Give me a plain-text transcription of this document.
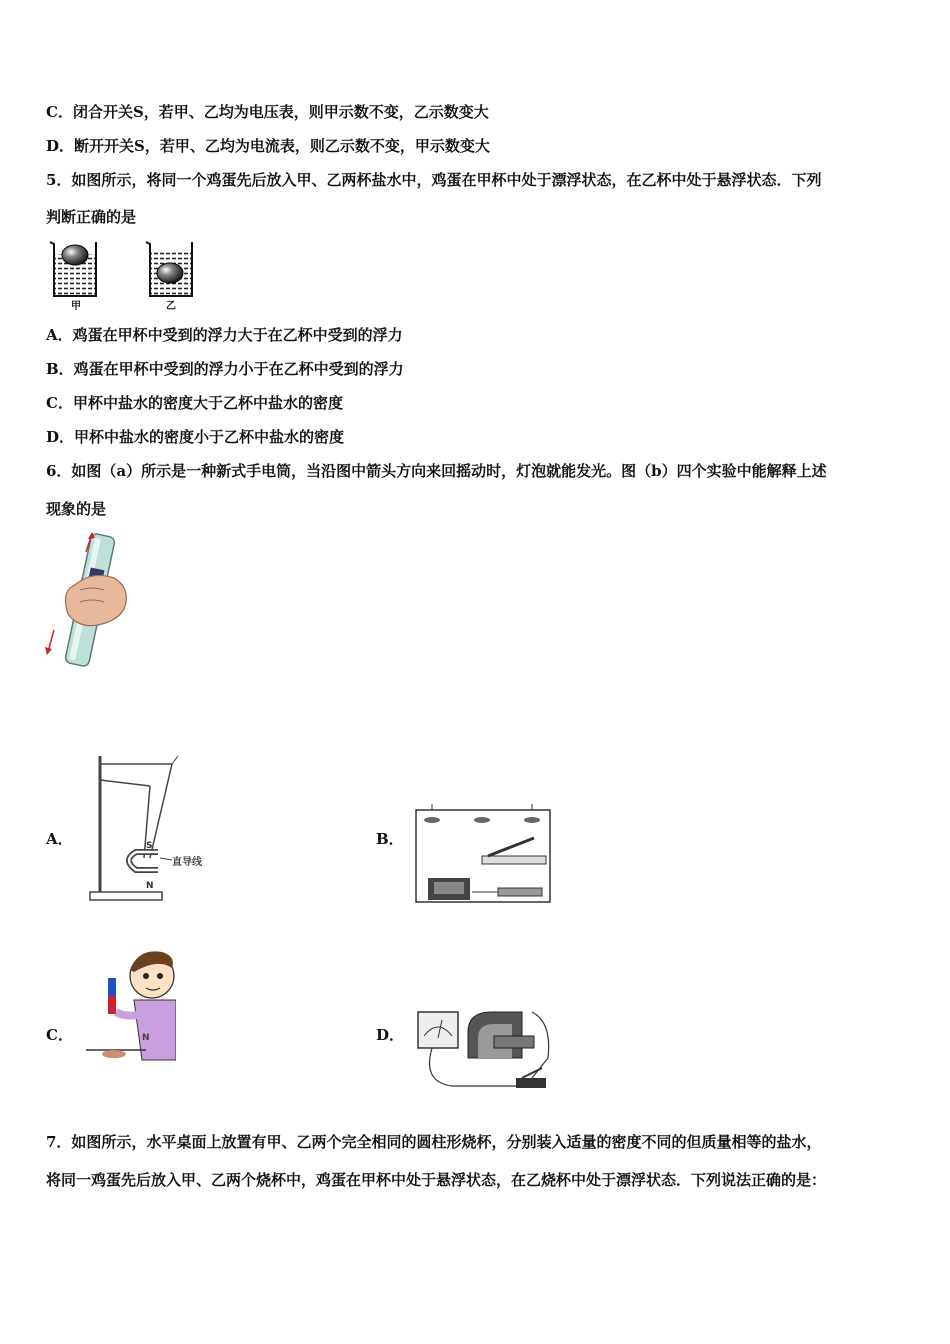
C．闭合开关S，若甲、乙均为电压表，则甲示数不变，乙示数变大
D．断开开关S，若甲、乙均为电流表，则乙示数不变，甲示数变大
5．如图所示，将同一个鸡蛋先后放入甲、乙两杯盐水中，鸡蛋在甲杯中处于漂浮状态，在乙杯中处于悬浮状态．下列
判断正确的是
甲	乙
A．鸡蛋在甲杯中受到的浮力大于在乙杯中受到的浮力
B．鸡蛋在甲杯中受到的浮力小于在乙杯中受到的浮力
C．甲杯中盐水的密度大于乙杯中盐水的密度
D．甲杯中盐水的密度小于乙杯中盐水的密度
6．如图（a）所示是一种新式手电筒，当沿图中箭头方向来回摇动时，灯泡就能发光。图（b）四个实验中能解释上述
现象的是
A．	S
N
直导线
B．
C．	N	D．
7．如图所示，水平桌面上放置有甲、乙两个完全相同的圆柱形烧杯，分别装入适量的密度不同的但质量相等的盐水，
将同一鸡蛋先后放入甲、乙两个烧杯中，鸡蛋在甲杯中处于悬浮状态，在乙烧杯中处于漂浮状态．下列说法正确的是：
